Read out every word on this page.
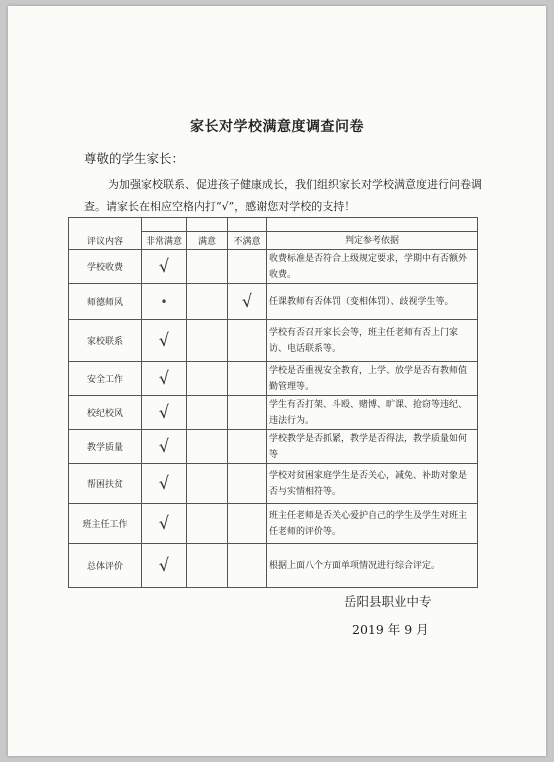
家长对学校满意度调查问卷
尊敬的学生家长：
为加强家校联系、促进孩子健康成长，我们组织家长对学校满意度进行问卷调查。请家长在相应空格内打“√”，感谢您对学校的支持！
评议内容				
	非常满意	满意	不满意	判定参考依据
学校收费	√			收费标准是否符合上级规定要求，学期中有否额外收费。
师德师风	•		√	任课教师有否体罚（变相体罚）、歧视学生等。
家校联系	√			学校有否召开家长会等，班主任老师有否上门家访、电话联系等。
安全工作	√			学校是否重视安全教育，上学、放学是否有教师值勤管理等。
校纪校风	√			学生有否打架、斗殴、赌博、旷课、抢窃等违纪、违法行为。
教学质量	√			学校教学是否抓紧，教学是否得法，教学质量如何等
帮困扶贫	√			学校对贫困家庭学生是否关心，减免、补助对象是否与实情相符等。
班主任工作	√			班主任老师是否关心爱护自己的学生及学生对班主任老师的评价等。
总体评价	√			根据上面八个方面单项情况进行综合评定。
岳阳县职业中专
2019 年 9 月
